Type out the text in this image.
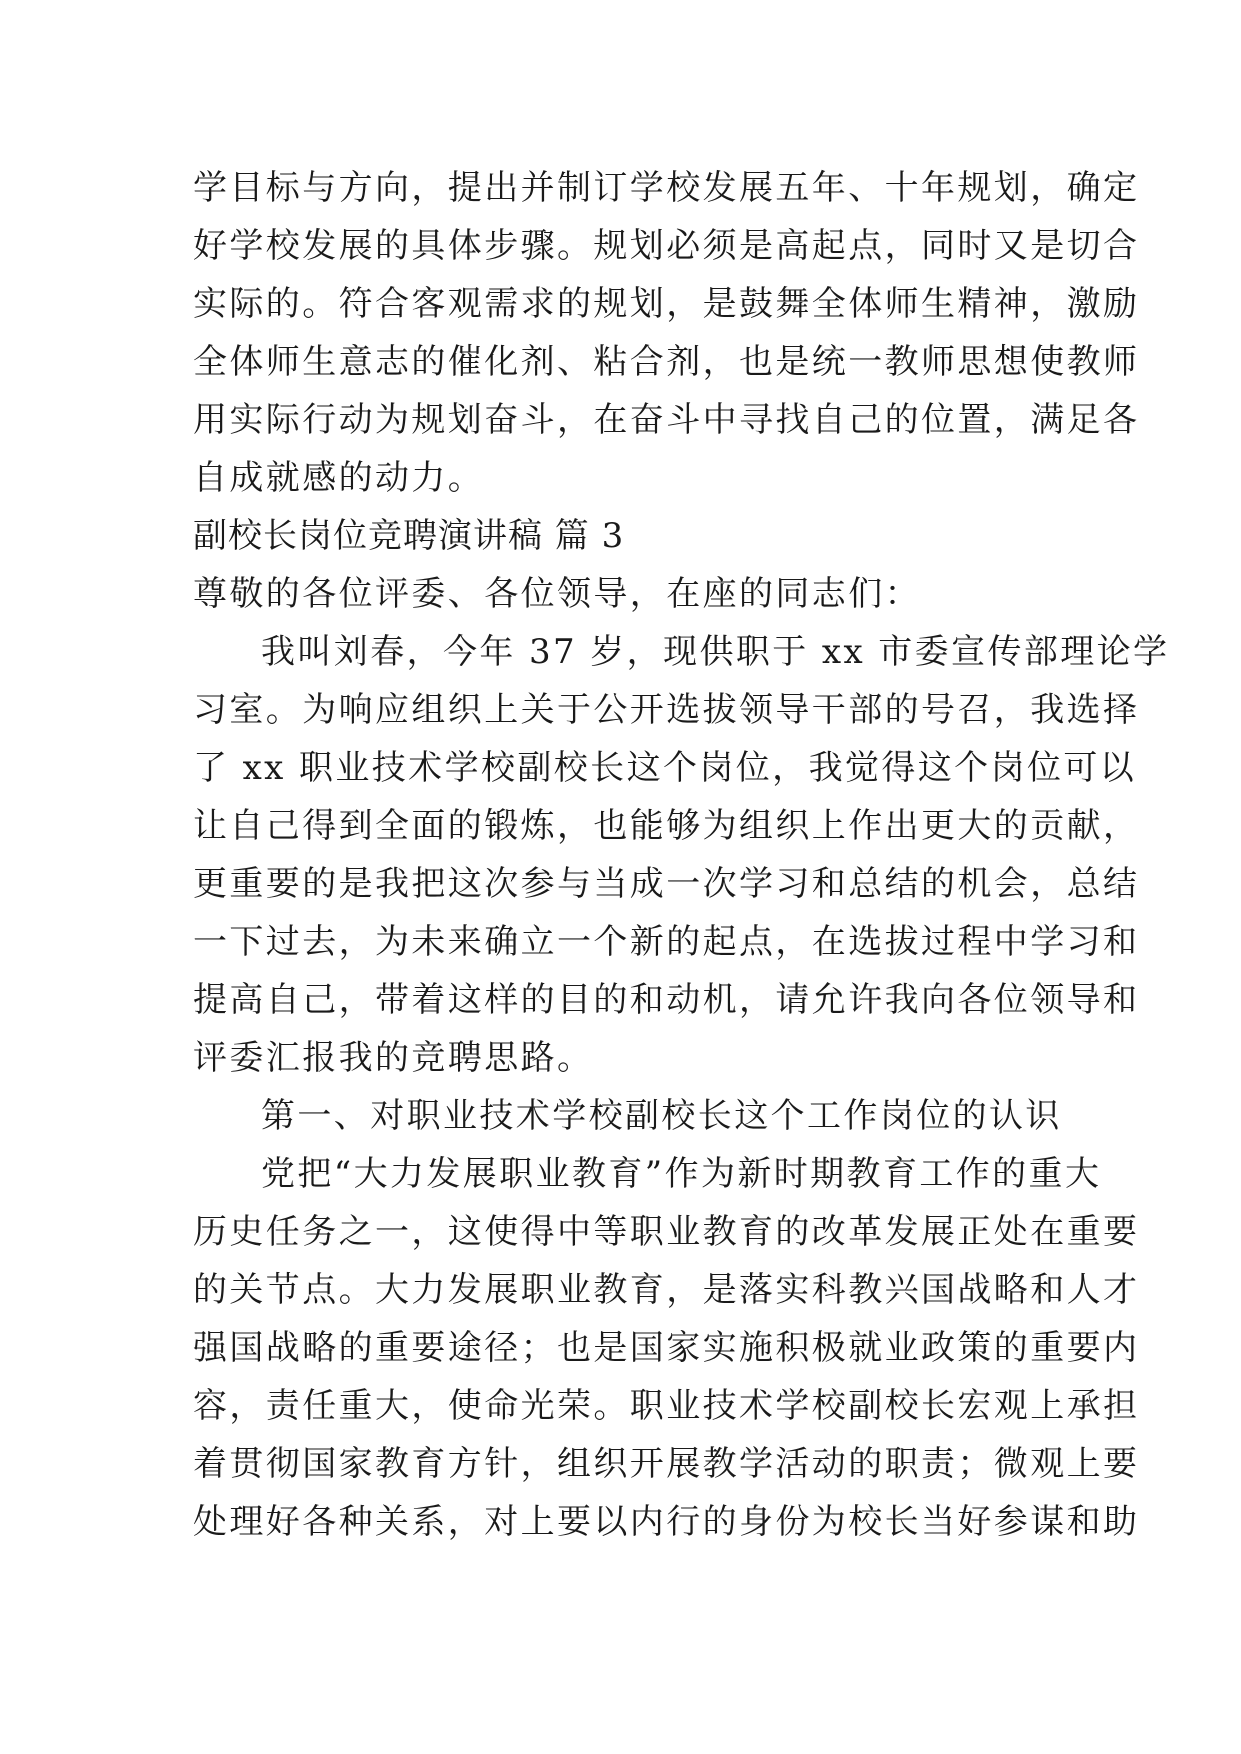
学目标与方向，提出并制订学校发展五年、十年规划，确定
好学校发展的具体步骤。规划必须是高起点，同时又是切合
实际的。符合客观需求的规划，是鼓舞全体师生精神，激励
全体师生意志的催化剂、粘合剂，也是统一教师思想使教师
用实际行动为规划奋斗，在奋斗中寻找自己的位置，满足各
自成就感的动力。
副校长岗位竞聘演讲稿 篇 3
尊敬的各位评委、各位领导，在座的同志们：
我叫刘春，今年 37 岁，现供职于 xx 市委宣传部理论学
习室。为响应组织上关于公开选拔领导干部的号召，我选择
了 xx 职业技术学校副校长这个岗位，我觉得这个岗位可以
让自己得到全面的锻炼，也能够为组织上作出更大的贡献，
更重要的是我把这次参与当成一次学习和总结的机会，总结
一下过去，为未来确立一个新的起点，在选拔过程中学习和
提高自己，带着这样的目的和动机，请允许我向各位领导和
评委汇报我的竞聘思路。
第一、对职业技术学校副校长这个工作岗位的认识
党把“大力发展职业教育”作为新时期教育工作的重大
历史任务之一，这使得中等职业教育的改革发展正处在重要
的关节点。大力发展职业教育，是落实科教兴国战略和人才
强国战略的重要途径；也是国家实施积极就业政策的重要内
容，责任重大，使命光荣。职业技术学校副校长宏观上承担
着贯彻国家教育方针，组织开展教学活动的职责；微观上要
处理好各种关系，对上要以内行的身份为校长当好参谋和助
